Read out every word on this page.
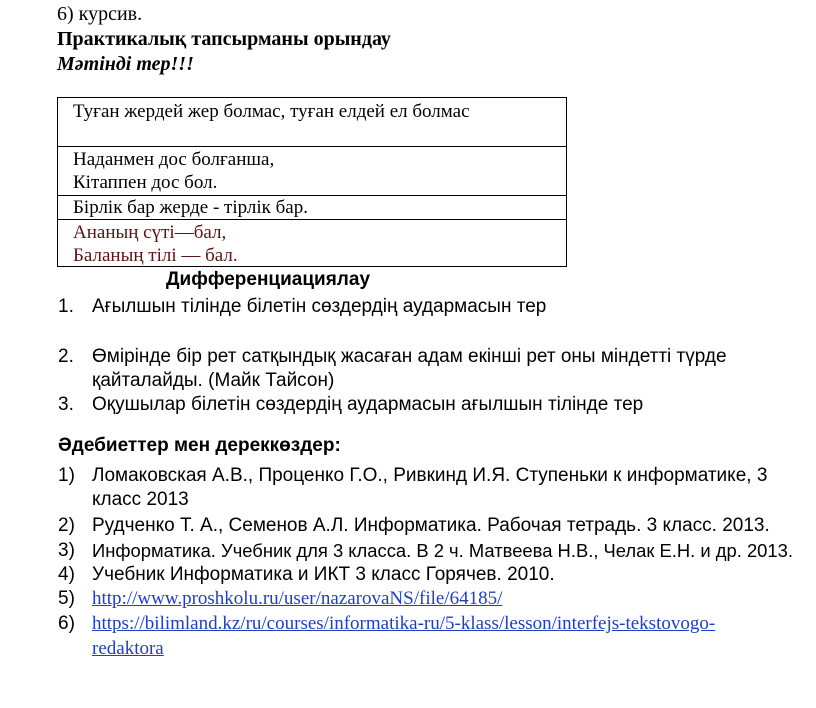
6) курсив.
Практикалық тапсырманы орындау
Мәтінді тер!!!
Туған жердей жер болмас, туған елдей ел болмас
Наданмен дос болғанша,
Кітаппен дос бол.
Бірлік бар жерде - тірлік бар.
Ананың сүті—бал,
Баланың тілі — бал.
Дифференциациялау
1. Ағылшын тілінде білетін сөздердің аудармасын тер
2. Өмірінде бір рет сатқындық жасаған адам екінші рет оны міндетті түрде
қайталайды. (Майк Тайсон)
3. Оқушылар білетін сөздердің аудармасын ағылшын тілінде тер
Әдебиеттер мен дереккөздер:
1) Ломаковская А.В., Проценко Г.О., Ривкинд И.Я. Ступеньки к информатике, 3
класс 2013
2) Рудченко Т. А., Семенов А.Л. Информатика. Рабочая тетрадь. 3 класс. 2013.
3) Информатика. Учебник для 3 класса. В 2 ч. Матвеева Н.В., Челак Е.Н. и др. 2013.
4) Учебник Информатика и ИКТ 3 класс Горячев. 2010.
5) http://www.proshkolu.ru/user/nazarovaNS/file/64185/
6) https://bilimland.kz/ru/courses/informatika-ru/5-klass/lesson/interfejs-tekstovogo-
redaktora
